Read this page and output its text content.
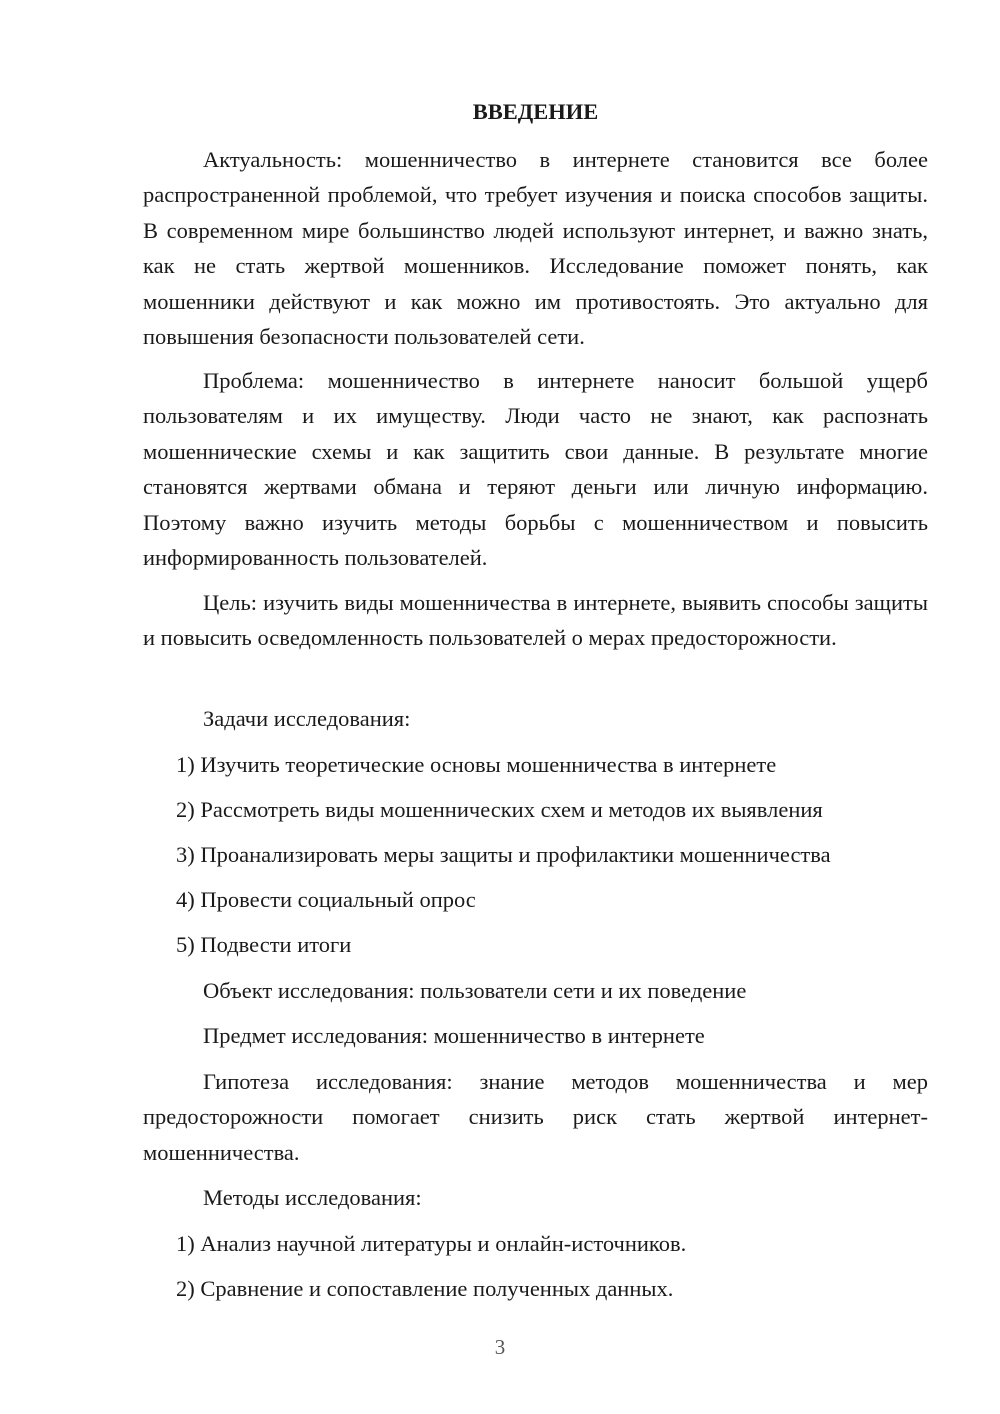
ВВЕДЕНИЕ

Актуальность: мошенничество в интернете становится все более распространенной проблемой, что требует изучения и поиска способов защиты. В современном мире большинство людей используют интернет, и важно знать, как не стать жертвой мошенников. Исследование поможет понять, как мошенники действуют и как можно им противостоять. Это актуально для повышения безопасности пользователей сети.

Проблема: мошенничество в интернете наносит большой ущерб пользователям и их имуществу. Люди часто не знают, как распознать мошеннические схемы и как защитить свои данные. В результате многие становятся жертвами обмана и теряют деньги или личную информацию. Поэтому важно изучить методы борьбы с мошенничеством и повысить информированность пользователей.

Цель: изучить виды мошенничества в интернете, выявить способы защиты и повысить осведомленность пользователей о мерах предосторожности.

Задачи исследования:

1) Изучить теоретические основы мошенничества в интернете

2) Рассмотреть виды мошеннических схем и методов их выявления

3) Проанализировать меры защиты и профилактики мошенничества

4) Провести социальный опрос

5) Подвести итоги

Объект исследования: пользователи сети и их поведение

Предмет исследования: мошенничество в интернете

Гипотеза исследования: знание методов мошенничества и мер предосторожности помогает снизить риск стать жертвой интернет-мошенничества.

Методы исследования:

1) Анализ научной литературы и онлайн-источников.

2) Сравнение и сопоставление полученных данных.

3
